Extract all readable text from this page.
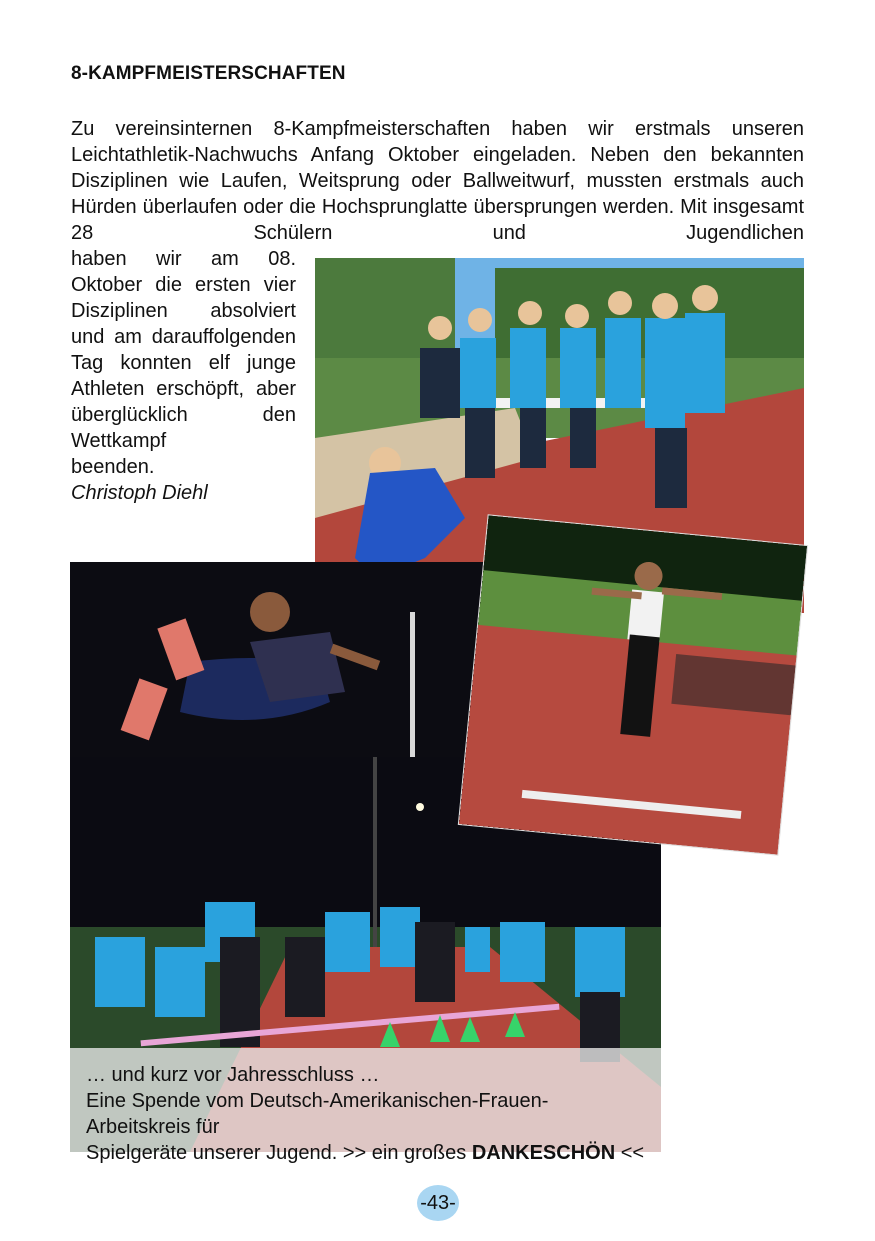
8-KAMPFMEISTERSCHAFTEN
Zu vereinsinternen 8-Kampfmeisterschaften haben wir erstmals unseren Leichtathletik-Nachwuchs Anfang Oktober eingeladen. Neben den bekannten Disziplinen wie Laufen, Weitsprung oder Ballweitwurf, mussten erstmals auch Hürden überlaufen oder die Hochsprunglatte übersprungen werden. Mit insgesamt 28 Schülern und Jugendlichen
haben wir am 08. Oktober die ersten vier Disziplinen absolviert und am darauffolgenden Tag konnten elf junge Athleten erschöpft, aber überglücklich den Wettkampf
beenden.
Christoph Diehl
… und kurz vor Jahresschluss …
Eine Spende vom Deutsch-Amerikanischen-Frauen-Arbeitskreis für
Spielgeräte unserer Jugend. >> ein großes DANKESCHÖN <<
-43-
